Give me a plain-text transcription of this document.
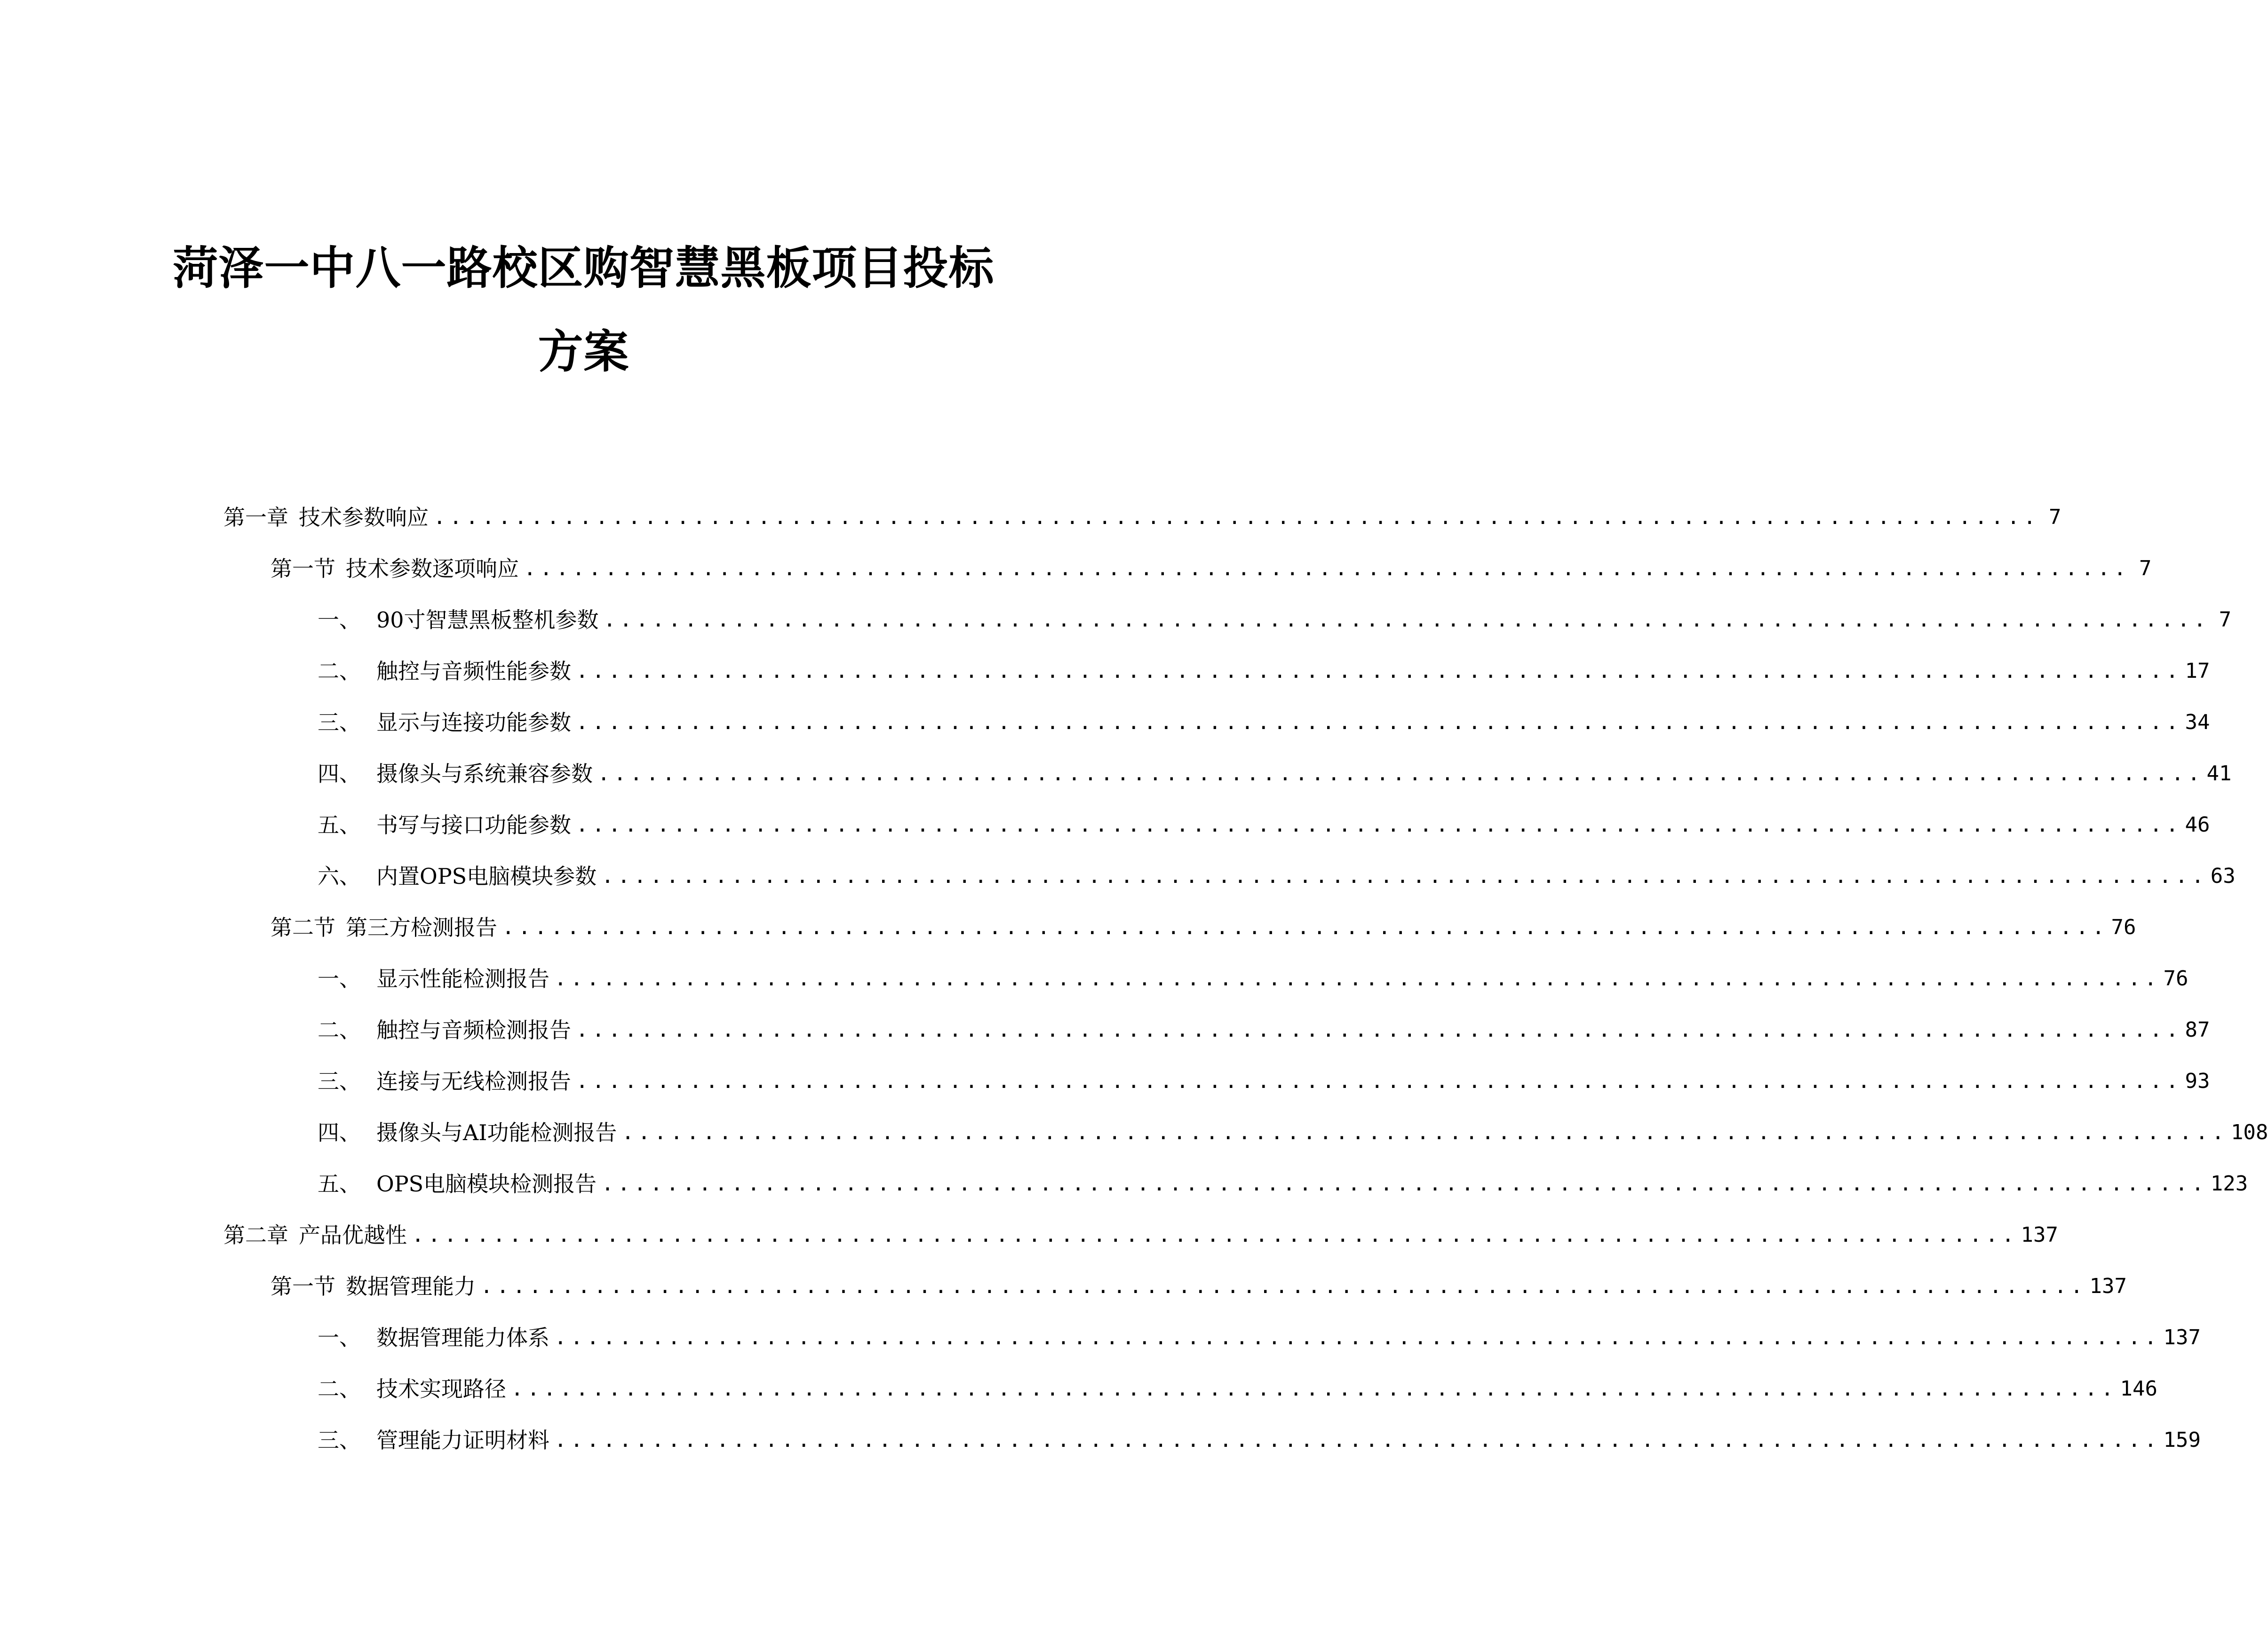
菏泽一中八一路校区购智慧黑板项目投标
方案
第一章 技术参数响应 ................................................................................................... 7
第一节 技术参数逐项响应 ................................................................................................... 7
一、 90寸智慧黑板整机参数 ................................................................................................... 7
二、 触控与音频性能参数 ................................................................................................... 17
三、 显示与连接功能参数 ................................................................................................... 34
四、 摄像头与系统兼容参数 ................................................................................................... 41
五、 书写与接口功能参数 ................................................................................................... 46
六、 内置OPS电脑模块参数 ................................................................................................... 63
第二节 第三方检测报告 ................................................................................................... 76
一、 显示性能检测报告 ................................................................................................... 76
二、 触控与音频检测报告 ................................................................................................... 87
三、 连接与无线检测报告 ................................................................................................... 93
四、 摄像头与AI功能检测报告 ................................................................................................... 108
五、 OPS电脑模块检测报告 ................................................................................................... 123
第二章 产品优越性 ................................................................................................... 137
第一节 数据管理能力 ................................................................................................... 137
一、 数据管理能力体系 ................................................................................................... 137
二、 技术实现路径 ................................................................................................... 146
三、 管理能力证明材料 ................................................................................................... 159
